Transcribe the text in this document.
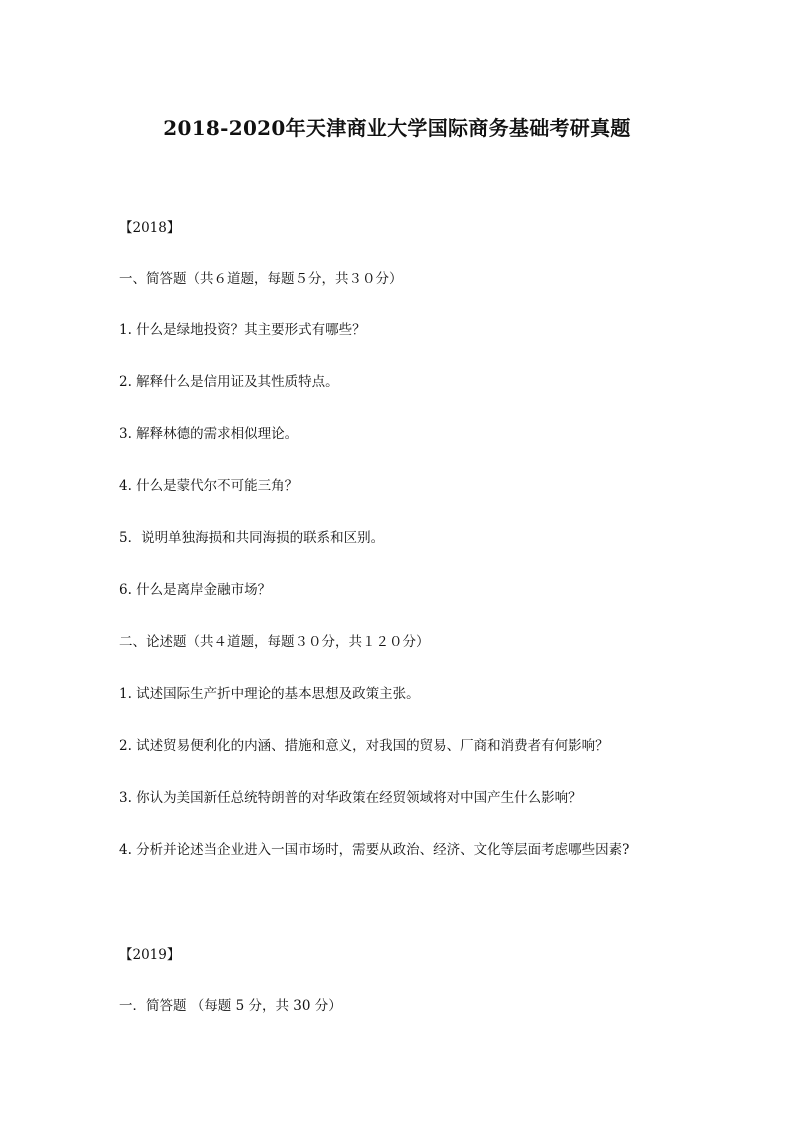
2018-2020年天津商业大学国际商务基础考研真题
【2018】
一、简答题（共６道题，每题５分，共３０分）
1. 什么是绿地投资？其主要形式有哪些？
2. 解释什么是信用证及其性质特点。
3. 解释林德的需求相似理论。
4. 什么是蒙代尔不可能三角？
5．说明单独海损和共同海损的联系和区别。
6. 什么是离岸金融市场？
二、论述题（共４道题，每题３０分，共１２０分）
1. 试述国际生产折中理论的基本思想及政策主张。
2. 试述贸易便利化的内涵、措施和意义，对我国的贸易、厂商和消费者有何影响？
3. 你认为美国新任总统特朗普的对华政策在经贸领域将对中国产生什么影响？
4. 分析并论述当企业进入一国市场时，需要从政治、经济、文化等层面考虑哪些因素?
【2019】
一．简答题 （每题 5 分，共 30 分）
